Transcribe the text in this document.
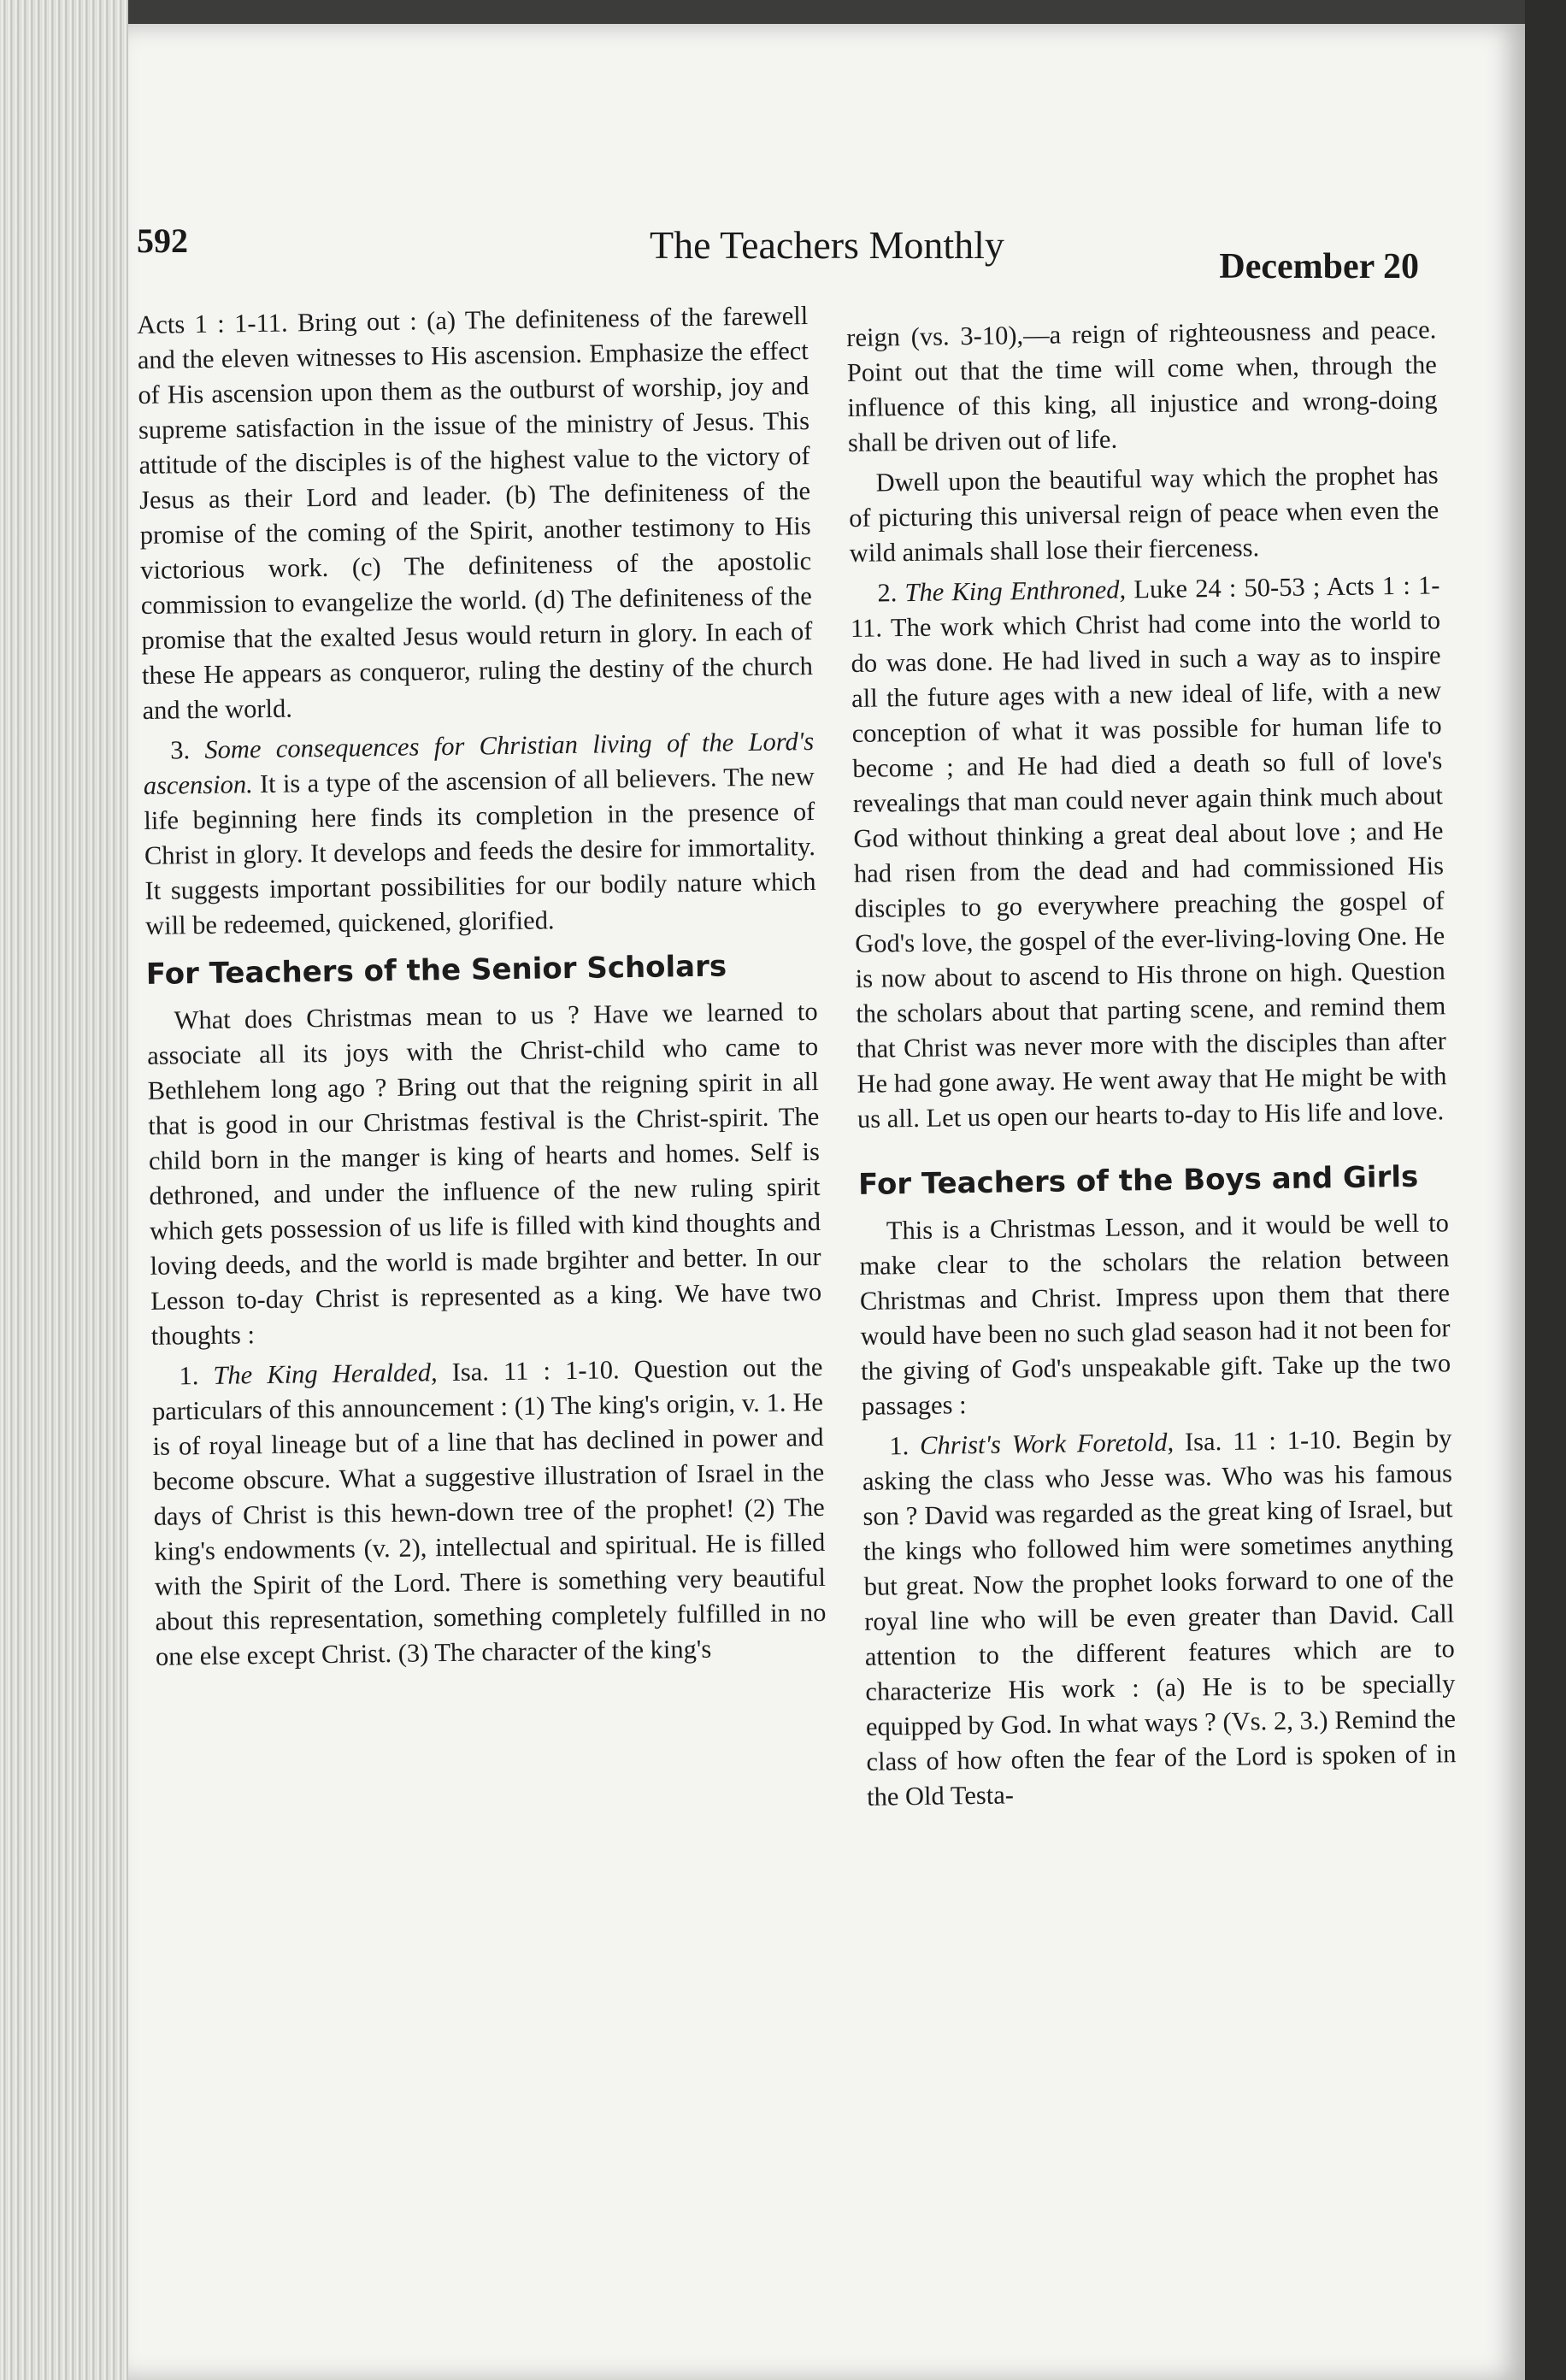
592	The Teachers Monthly	December 20

Acts 1 : 1-11. Bring out : (a) The definiteness of the farewell and the eleven witnesses to His ascension. Emphasize the effect of His ascension upon them as the outburst of worship, joy and supreme satisfaction in the issue of the ministry of Jesus. This attitude of the disciples is of the highest value to the victory of Jesus as their Lord and leader. (b) The definiteness of the promise of the coming of the Spirit, another testimony to His victorious work. (c) The definiteness of the apostolic commission to evangelize the world. (d) The definiteness of the promise that the exalted Jesus would return in glory. In each of these He appears as conqueror, ruling the destiny of the church and the world.

3. Some consequences for Christian living of the Lord's ascension. It is a type of the ascension of all believers. The new life beginning here finds its completion in the presence of Christ in glory. It develops and feeds the desire for immortality. It suggests important possibilities for our bodily nature which will be redeemed, quickened, glorified.

For Teachers of the Senior Scholars

What does Christmas mean to us ? Have we learned to associate all its joys with the Christ-child who came to Bethlehem long ago ? Bring out that the reigning spirit in all that is good in our Christmas festival is the Christ-spirit. The child born in the manger is king of hearts and homes. Self is dethroned, and under the influence of the new ruling spirit which gets possession of us life is filled with kind thoughts and loving deeds, and the world is made brgihter and better. In our Lesson to-day Christ is represented as a king. We have two thoughts :

1. The King Heralded, Isa. 11 : 1-10. Question out the particulars of this announcement : (1) The king's origin, v. 1. He is of royal lineage but of a line that has declined in power and become obscure. What a suggestive illustration of Israel in the days of Christ is this hewn-down tree of the prophet! (2) The king's endowments (v. 2), intellectual and spiritual. He is filled with the Spirit of the Lord. There is something very beautiful about this representation, something completely fulfilled in no one else except Christ. (3) The character of the king's

reign (vs. 3-10),—a reign of righteousness and peace. Point out that the time will come when, through the influence of this king, all injustice and wrong-doing shall be driven out of life.

Dwell upon the beautiful way which the prophet has of picturing this universal reign of peace when even the wild animals shall lose their fierceness.

2. The King Enthroned, Luke 24 : 50-53 ; Acts 1 : 1-11. The work which Christ had come into the world to do was done. He had lived in such a way as to inspire all the future ages with a new ideal of life, with a new conception of what it was possible for human life to become ; and He had died a death so full of love's revealings that man could never again think much about God without thinking a great deal about love ; and He had risen from the dead and had commissioned His disciples to go everywhere preaching the gospel of God's love, the gospel of the ever-living-loving One. He is now about to ascend to His throne on high. Question the scholars about that parting scene, and remind them that Christ was never more with the disciples than after He had gone away. He went away that He might be with us all. Let us open our hearts to-day to His life and love.

For Teachers of the Boys and Girls

This is a Christmas Lesson, and it would be well to make clear to the scholars the relation between Christmas and Christ. Impress upon them that there would have been no such glad season had it not been for the giving of God's unspeakable gift. Take up the two passages :

1. Christ's Work Foretold, Isa. 11 : 1-10. Begin by asking the class who Jesse was. Who was his famous son ? David was regarded as the great king of Israel, but the kings who followed him were sometimes anything but great. Now the prophet looks forward to one of the royal line who will be even greater than David. Call attention to the different features which are to characterize His work : (a) He is to be specially equipped by God. In what ways ? (Vs. 2, 3.) Remind the class of how often the fear of the Lord is spoken of in the Old Testa-

^
